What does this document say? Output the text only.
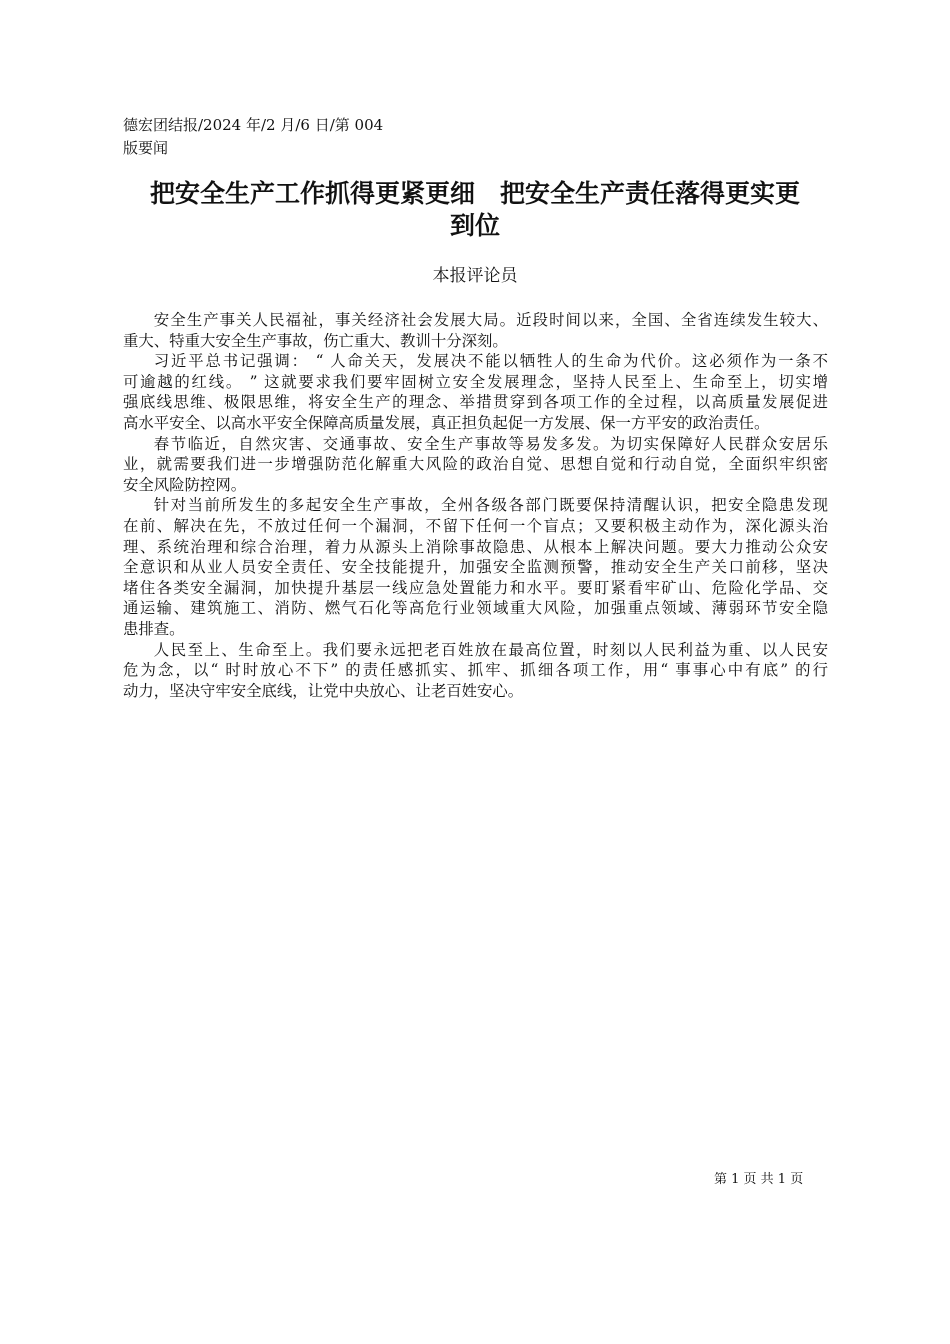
德宏团结报/2024 年/2 月/6 日/第 004
版要闻
把安全生产工作抓得更紧更细　把安全生产责任落得更实更
到位
本报评论员
安全生产事关人民福祉，事关经济社会发展大局。近段时间以来，全国、全省连续发生较大、
重大、特重大安全生产事故，伤亡重大、教训十分深刻。
习近平总书记强调： “ 人命关天，发展决不能以牺牲人的生命为代价。这必须作为一条不
可逾越的红线。 ” 这就要求我们要牢固树立安全发展理念，坚持人民至上、生命至上，切实增
强底线思维、极限思维，将安全生产的理念、举措贯穿到各项工作的全过程，以高质量发展促进
高水平安全、以高水平安全保障高质量发展，真正担负起促一方发展、保一方平安的政治责任。
春节临近，自然灾害、交通事故、安全生产事故等易发多发。为切实保障好人民群众安居乐
业，就需要我们进一步增强防范化解重大风险的政治自觉、思想自觉和行动自觉，全面织牢织密
安全风险防控网。
针对当前所发生的多起安全生产事故，全州各级各部门既要保持清醒认识，把安全隐患发现
在前、解决在先，不放过任何一个漏洞，不留下任何一个盲点；又要积极主动作为，深化源头治
理、系统治理和综合治理，着力从源头上消除事故隐患、从根本上解决问题。要大力推动公众安
全意识和从业人员安全责任、安全技能提升，加强安全监测预警，推动安全生产关口前移，坚决
堵住各类安全漏洞，加快提升基层一线应急处置能力和水平。要盯紧看牢矿山、危险化学品、交
通运输、建筑施工、消防、燃气石化等高危行业领域重大风险，加强重点领域、薄弱环节安全隐
患排查。
人民至上、生命至上。我们要永远把老百姓放在最高位置，时刻以人民利益为重、以人民安
危为念，以“ 时时放心不下” 的责任感抓实、抓牢、抓细各项工作，用“ 事事心中有底” 的行
动力，坚决守牢安全底线，让党中央放心、让老百姓安心。
第 1 页 共 1 页
